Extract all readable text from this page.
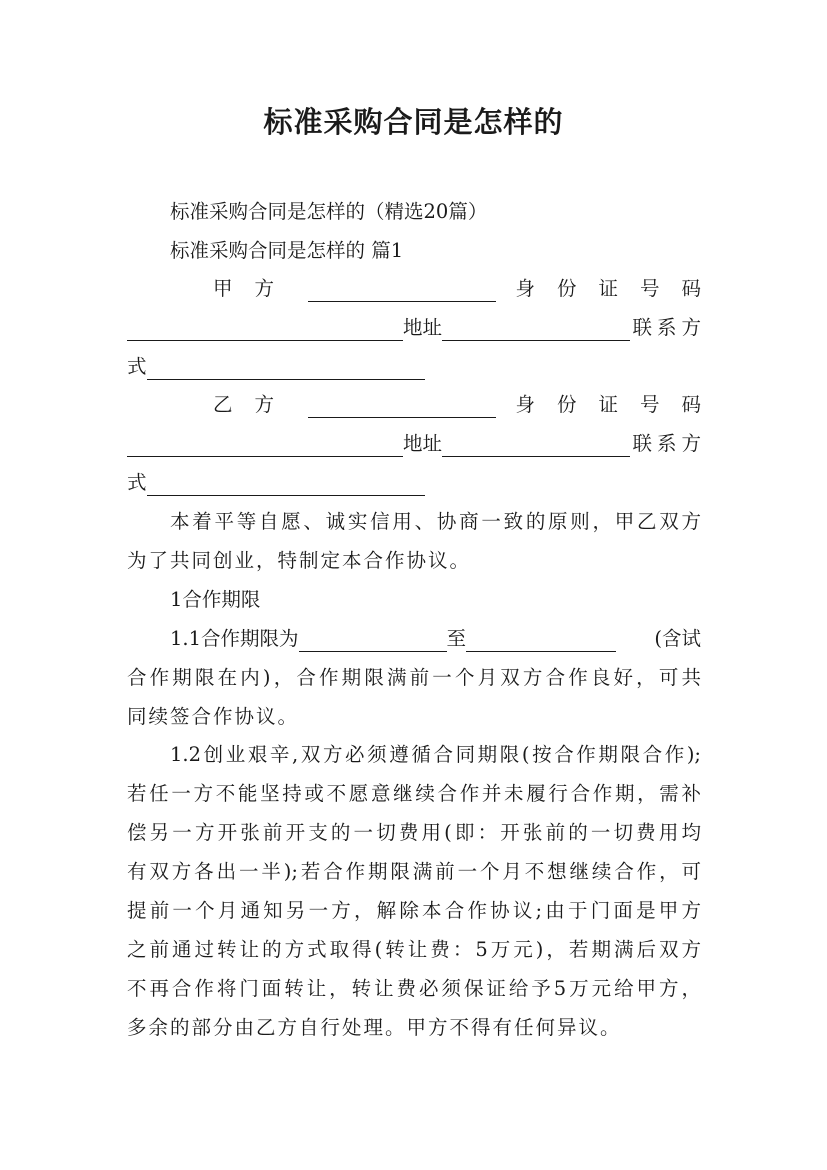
标准采购合同是怎样的

标准采购合同是怎样的（精选20篇）

标准采购合同是怎样的 篇1

甲方	身份证号码
地址	联系方
式
乙方	身份证号码
地址	联系方
式

本着平等自愿、诚实信用、协商一致的原则，甲乙双方

为了共同创业，特制定本合作协议。

1合作期限

1.1合作期限为	至	(含试

合作期限在内)，合作期限满前一个月双方合作良好，可共

同续签合作协议。

1.2创业艰辛,双方必须遵循合同期限(按合作期限合作);

若任一方不能坚持或不愿意继续合作并未履行合作期，需补

偿另一方开张前开支的一切费用(即：开张前的一切费用均

有双方各出一半);若合作期限满前一个月不想继续合作，可

提前一个月通知另一方，解除本合作协议;由于门面是甲方

之前通过转让的方式取得(转让费：5万元)，若期满后双方

不再合作将门面转让，转让费必须保证给予5万元给甲方，

多余的部分由乙方自行处理。甲方不得有任何异议。
